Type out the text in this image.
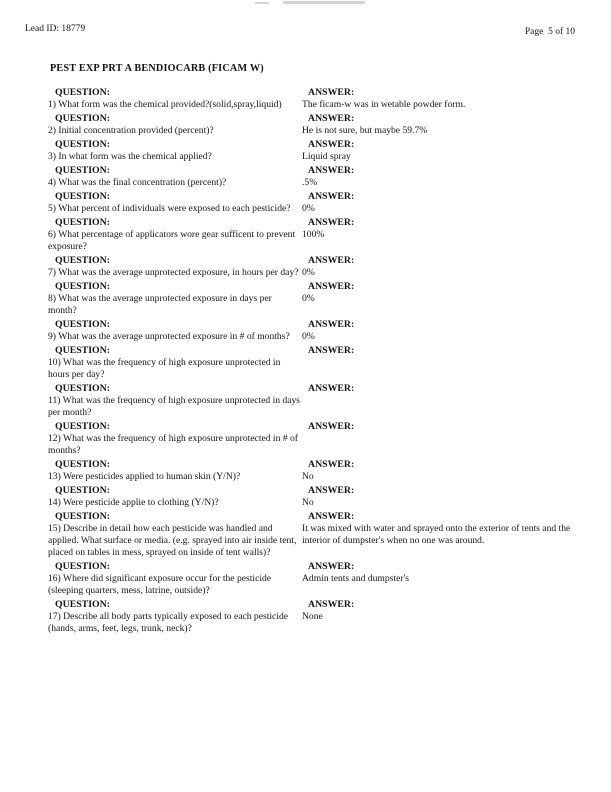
Lead ID: 18779	Page  5 of 10
PEST EXP PRT A BENDIOCARB (FICAM W)
QUESTION:
1) What form was the chemical provided?(solid,spray,liquid)
ANSWER:
The ficam-w was in wetable powder form.
QUESTION:
2) Initial concentration provided (percent)?
ANSWER:
He is not sure, but maybe 59.7%
QUESTION:
3) In what form was the chemical applied?
ANSWER:
Liquid spray
QUESTION:
4) What was the final concentration (percent)?
ANSWER:
.5%
QUESTION:
5) What percent of individuals were exposed to each pesticide?
ANSWER:
0%
QUESTION:
6) What percentage of applicators wore gear sufficent to prevent exposure?
ANSWER:
100%
QUESTION:
7) What was the average unprotected exposure, in hours per day?
ANSWER:
0%
QUESTION:
8) What was the average unprotected exposure in days per month?
ANSWER:
0%
QUESTION:
9) What was the average unprotected exposure in # of months?
ANSWER:
0%
QUESTION:
10) What was the frequency of high exposure unprotected in hours per day?
ANSWER:
QUESTION:
11) What was the frequency of high exposure unprotected in days per month?
ANSWER:
QUESTION:
12) What was the frequency of high exposure unprotected in # of months?
ANSWER:
QUESTION:
13) Were pesticides applied to human skin (Y/N)?
ANSWER:
No
QUESTION:
14) Were pesticide applie to clothing (Y/N)?
ANSWER:
No
QUESTION:
15) Describe in detail how each pesticide was handled and applied. What surface or media. (e.g. sprayed into air inside tent, placed on tables in mess, sprayed on inside of tent walls)?
ANSWER:
It was mixed with water and sprayed onto the exterior of tents and the interior of dumpster's when no one was around.
QUESTION:
16) Where did significant exposure occur for the pesticide (sleeping quarters, mess, latrine, outside)?
ANSWER:
Admin tents and dumpster's
QUESTION:
17) Describe all body parts typically exposed to each pesticide (hands, arms, feet, legs, trunk, neck)?
ANSWER:
None
